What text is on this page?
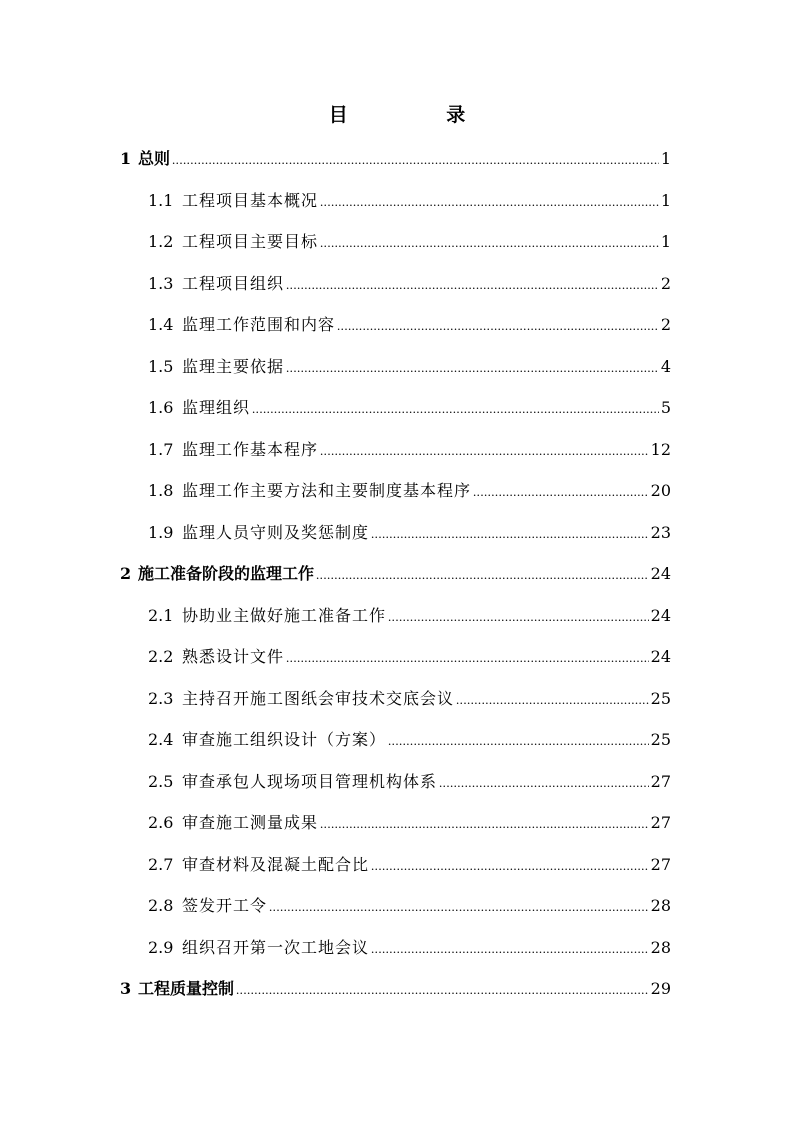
目 录
1 总则 .....	1
1.1 工程项目基本概况 .....	1
1.2 工程项目主要目标 .....	1
1.3 工程项目组织 .....	2
1.4 监理工作范围和内容 .....	2
1.5 监理主要依据 .....	4
1.6 监理组织 .....	5
1.7 监理工作基本程序 .....	12
1.8 监理工作主要方法和主要制度基本程序 .....	20
1.9 监理人员守则及奖惩制度 .....	23
2 施工准备阶段的监理工作 .....	24
2.1 协助业主做好施工准备工作 .....	24
2.2 熟悉设计文件 .....	24
2.3 主持召开施工图纸会审技术交底会议 .....	25
2.4 审查施工组织设计（方案） .....	25
2.5 审查承包人现场项目管理机构体系 .....	27
2.6 审查施工测量成果 .....	27
2.7 审查材料及混凝土配合比 .....	27
2.8 签发开工令 .....	28
2.9 组织召开第一次工地会议 .....	28
3 工程质量控制 .....	29
